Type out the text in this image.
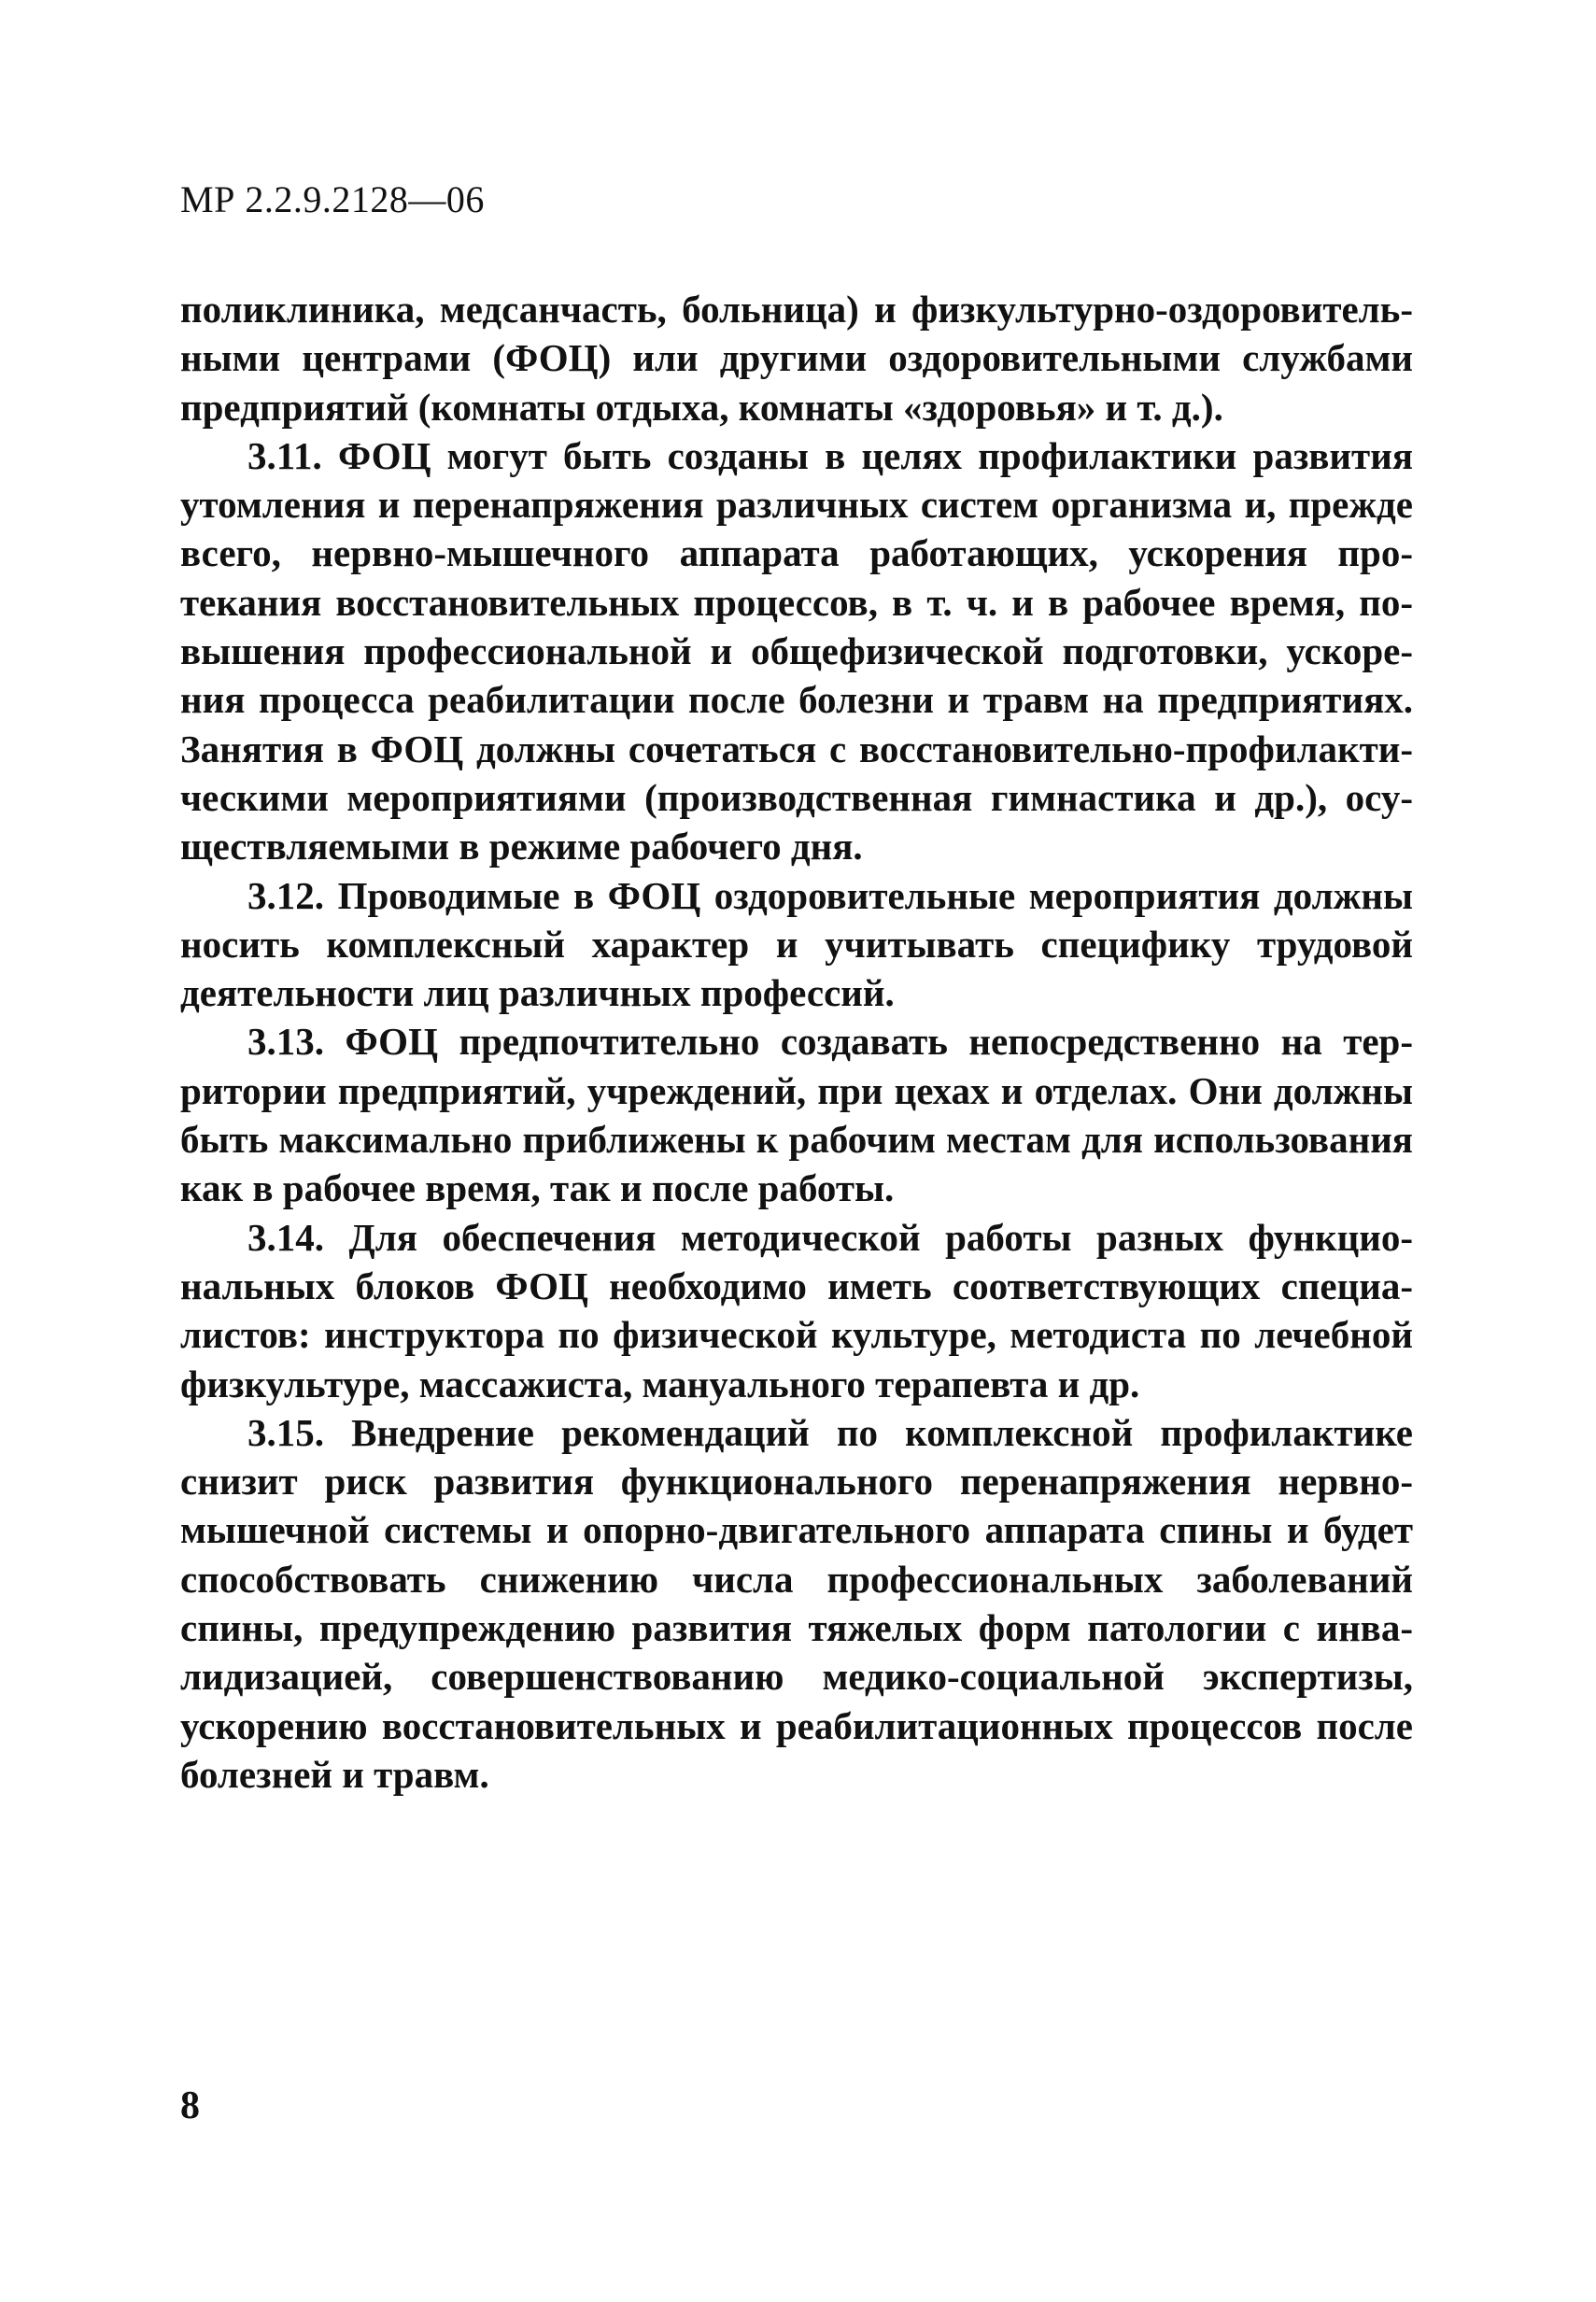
МР 2.2.9.2128—06

поликлиника, медсанчасть, больница) и физкультурно-оздоровительными центрами (ФОЦ) или другими оздоровительными службами предприятий (комнаты отдыха, комнаты «здоровья» и т. д.).

3.11. ФОЦ могут быть созданы в целях профилактики развития утомления и перенапряжения различных систем организма и, прежде всего, нервно-мышечного аппарата работающих, ускорения протекания восстановительных процессов, в т. ч. и в рабочее время, повышения профессиональной и общефизической подготовки, ускорения процесса реабилитации после болезни и травм на предприятиях. Занятия в ФОЦ должны сочетаться с восстановительно-профилактическими мероприятиями (производственная гимнастика и др.), осуществляемыми в режиме рабочего дня.

3.12. Проводимые в ФОЦ оздоровительные мероприятия должны носить комплексный характер и учитывать специфику трудовой деятельности лиц различных профессий.

3.13. ФОЦ предпочтительно создавать непосредственно на территории предприятий, учреждений, при цехах и отделах. Они должны быть максимально приближены к рабочим местам для использования как в рабочее время, так и после работы.

3.14. Для обеспечения методической работы разных функциональных блоков ФОЦ необходимо иметь соответствующих специалистов: инструктора по физической культуре, методиста по лечебной физкультуре, массажиста, мануального терапевта и др.

3.15. Внедрение рекомендаций по комплексной профилактике снизит риск развития функционального перенапряжения нервномышечной системы и опорно-двигательного аппарата спины и будет способствовать снижению числа профессиональных заболеваний спины, предупреждению развития тяжелых форм патологии с инвалидизацией, совершенствованию медико-социальной экспертизы, ускорению восстановительных и реабилитационных процессов после болезней и травм.

8
